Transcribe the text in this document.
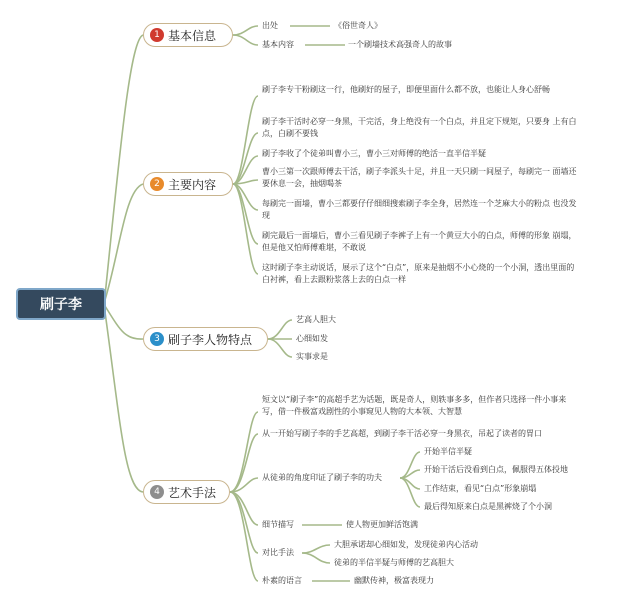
刷子李
1 基本信息
出处	《俗世奇人》
基本内容	一个刷墙技术高强奇人的故事
2 主要内容
刷子李专干粉刷这一行，他刷好的屋子，即便里面什么都不放，也能让人身心舒畅
刷子李干活时必穿一身黑，干完活，身上绝没有一个白点，并且定下规矩，只要身 上有白点，白刷不要钱
刷子李收了个徒弟叫曹小三，曹小三对师傅的绝活一直半信半疑
曹小三第一次跟师傅去干活，刷子李派头十足，并且一天只刷一间屋子，每刷完一 面墙还要休息一会，抽烟喝茶
每刷完一面墙，曹小三都要仔仔细细搜索刷子李全身，居然连一个芝麻大小的粉点 也没发现
刷完最后一面墙后，曹小三看见刷子李裤子上有一个黄豆大小的白点，师傅的形象 崩塌，但是他又怕师傅难堪，不敢说
这时刷子李主动说话，展示了这个“白点”，原来是抽烟不小心烧的一个小洞，透出里面的白衬裤，看上去跟粉浆落上去的白点一样
3 刷子李人物特点
艺高人胆大
心细如发
实事求是
4 艺术手法
短文以“刷子李”的高超手艺为话题，既是奇人，则轶事多多，但作者只选择一件小事来写，借一件极富戏剧性的小事窥见人物的大本领、大智慧
从一开始写刷子李的手艺高超，到刷子李干活必穿一身黑衣，吊起了读者的胃口
从徒弟的角度印证了刷子李的功夫
开始半信半疑
开始干活后没看到白点，佩服得五体投地
工作结束，看见“白点”形象崩塌
最后得知原来白点是黑裤烧了个小洞
细节描写	使人物更加鲜活饱满
对比手法
大胆承诺却心细如发，发现徒弟内心活动
徒弟的半信半疑与师傅的艺高胆大
朴素的语言	幽默传神，极富表现力
